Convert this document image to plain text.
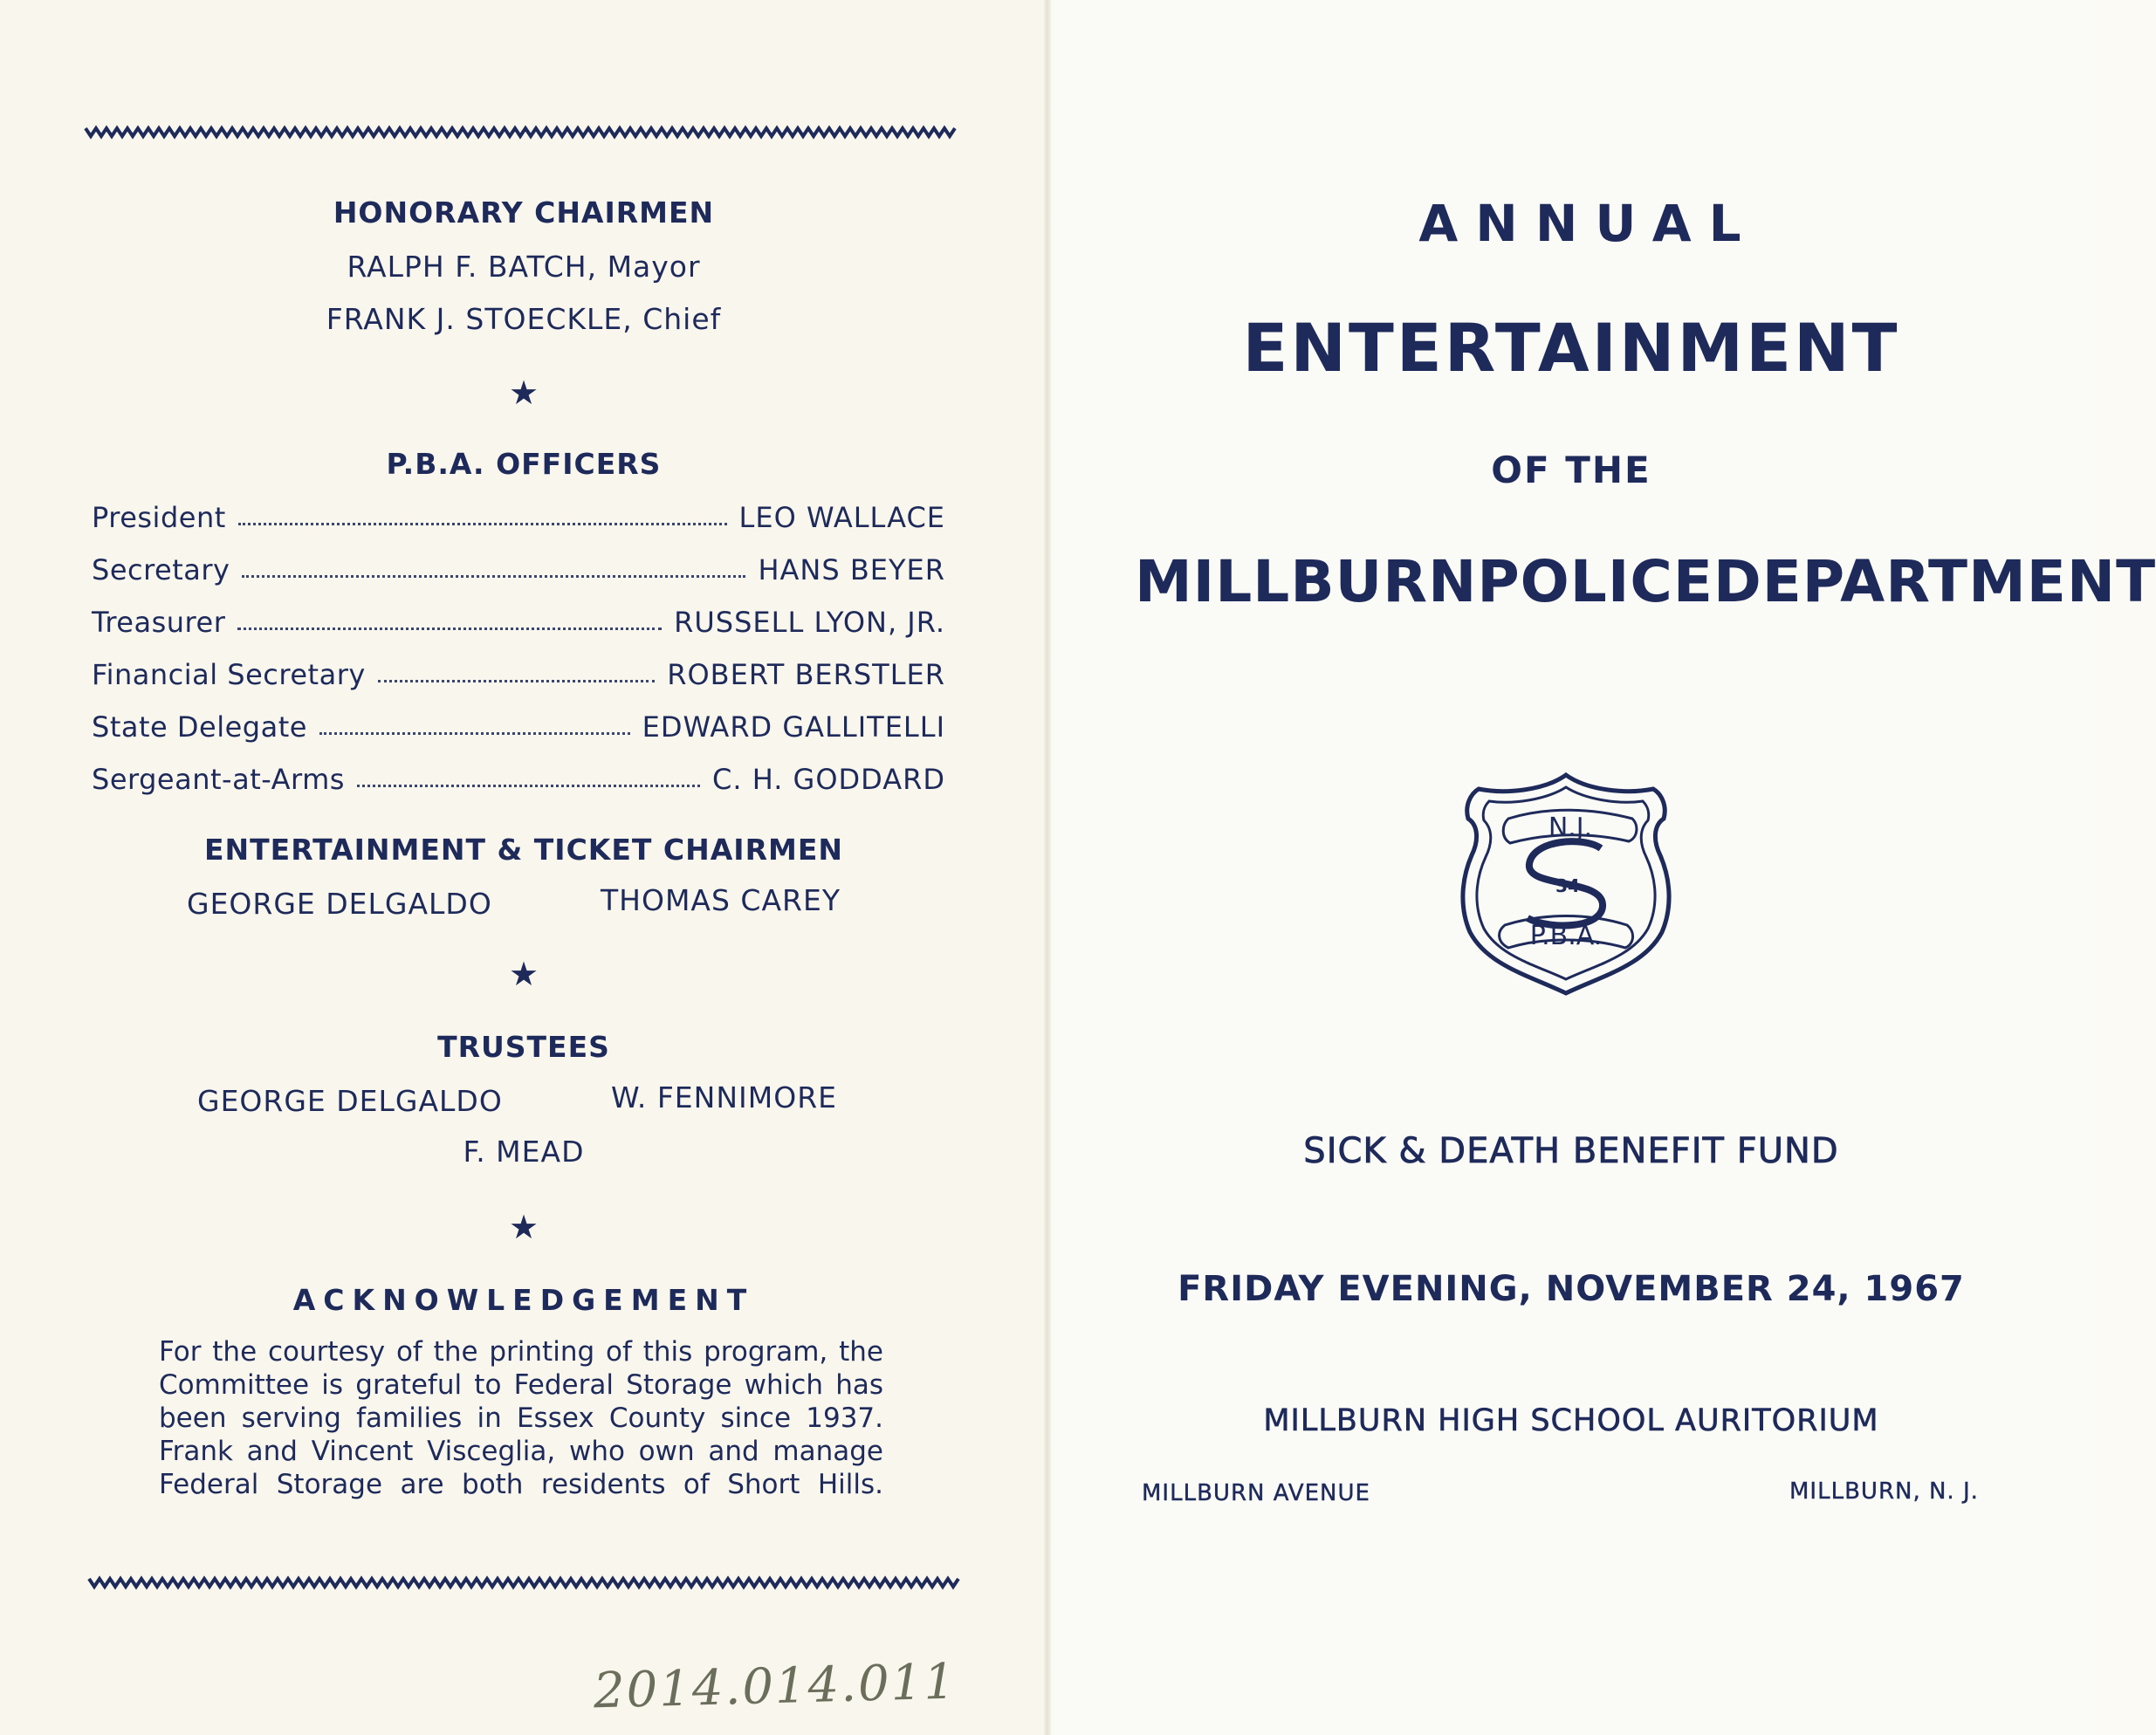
HONORARY CHAIRMEN
RALPH F. BATCH, Mayor
FRANK J. STOECKLE, Chief
★
P.B.A. OFFICERS
President	LEO WALLACE
Secretary	HANS BEYER
Treasurer	RUSSELL LYON, JR.
Financial Secretary	ROBERT BERSTLER
State Delegate	EDWARD GALLITELLI
Sergeant-at-Arms	C. H. GODDARD
ENTERTAINMENT & TICKET CHAIRMEN
GEORGE DELGALDO	THOMAS CAREY
★
TRUSTEES
GEORGE DELGALDO	W. FENNIMORE
F. MEAD
★
ACKNOWLEDGEMENT
For the courtesy of the printing of this program, the
Committee is grateful to Federal Storage which has
been serving families in Essex County since 1937.
Frank and Vincent Visceglia, who own and manage
Federal Storage are both residents of Short Hills.
2014.014.011
ANNUAL
ENTERTAINMENT
OF THE
MILLBURN POLICE DEPARTMENT
N.J.
34
P.B.A.
SICK & DEATH BENEFIT FUND
FRIDAY EVENING, NOVEMBER 24, 1967
MILLBURN HIGH SCHOOL AURITORIUM
MILLBURN AVENUE	MILLBURN, N. J.
